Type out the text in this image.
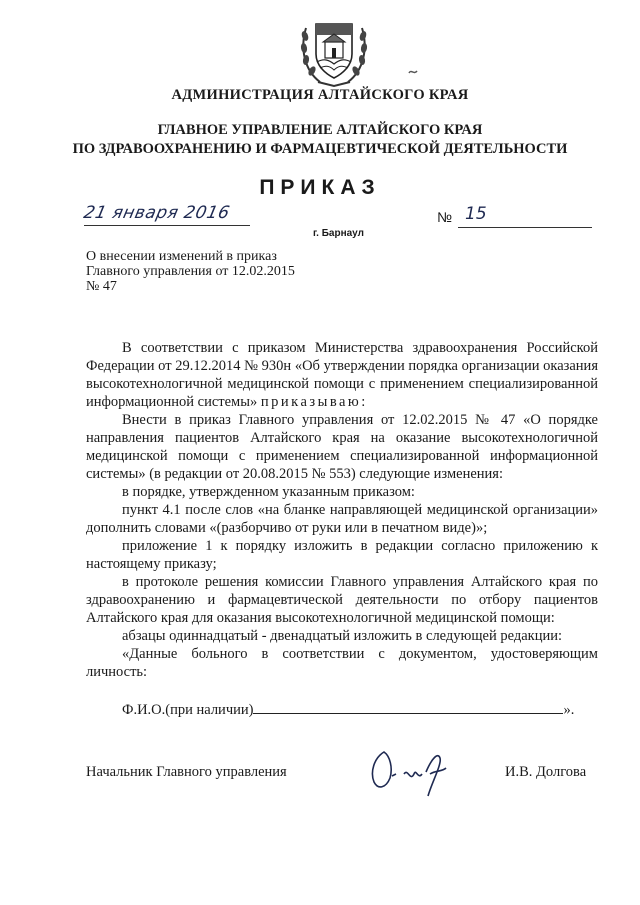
АДМИНИСТРАЦИЯ АЛТАЙСКОГО КРАЯ
ГЛАВНОЕ УПРАВЛЕНИЕ АЛТАЙСКОГО КРАЯ
ПО ЗДРАВООХРАНЕНИЮ И ФАРМАЦЕВТИЧЕСКОЙ ДЕЯТЕЛЬНОСТИ
ПРИКАЗ
21 января 2016
г. Барнаул
№ 15
О внесении изменений в приказ
Главного управления от 12.02.2015
№ 47

В соответствии с приказом Министерства здравоохранения Российской Федерации от 29.12.2014 № 930н «Об утверждении порядка организации оказания высокотехнологичной медицинской помощи с применением специализированной информационной системы» приказываю:

Внести в приказ Главного управления от 12.02.2015 № 47 «О порядке направления пациентов Алтайского края на оказание высокотехнологичной медицинской помощи с применением специализированной информационной системы» (в редакции от 20.08.2015 № 553) следующие изменения:

в порядке, утвержденном указанным приказом:

пункт 4.1 после слов «на бланке направляющей медицинской организации» дополнить словами «(разборчиво от руки или в печатном виде)»;

приложение 1 к порядку изложить в редакции согласно приложению к настоящему приказу;

в протоколе решения комиссии Главного управления Алтайского края по здравоохранению и фармацевтической деятельности по отбору пациентов Алтайского края для оказания высокотехнологичной медицинской помощи:

абзацы одиннадцатый - двенадцатый изложить в следующей редакции:

«Данные больного в соответствии с документом, удостоверяющим личность:

Ф.И.О.(при наличии)	».
Начальник Главного управления	И.В. Долгова
